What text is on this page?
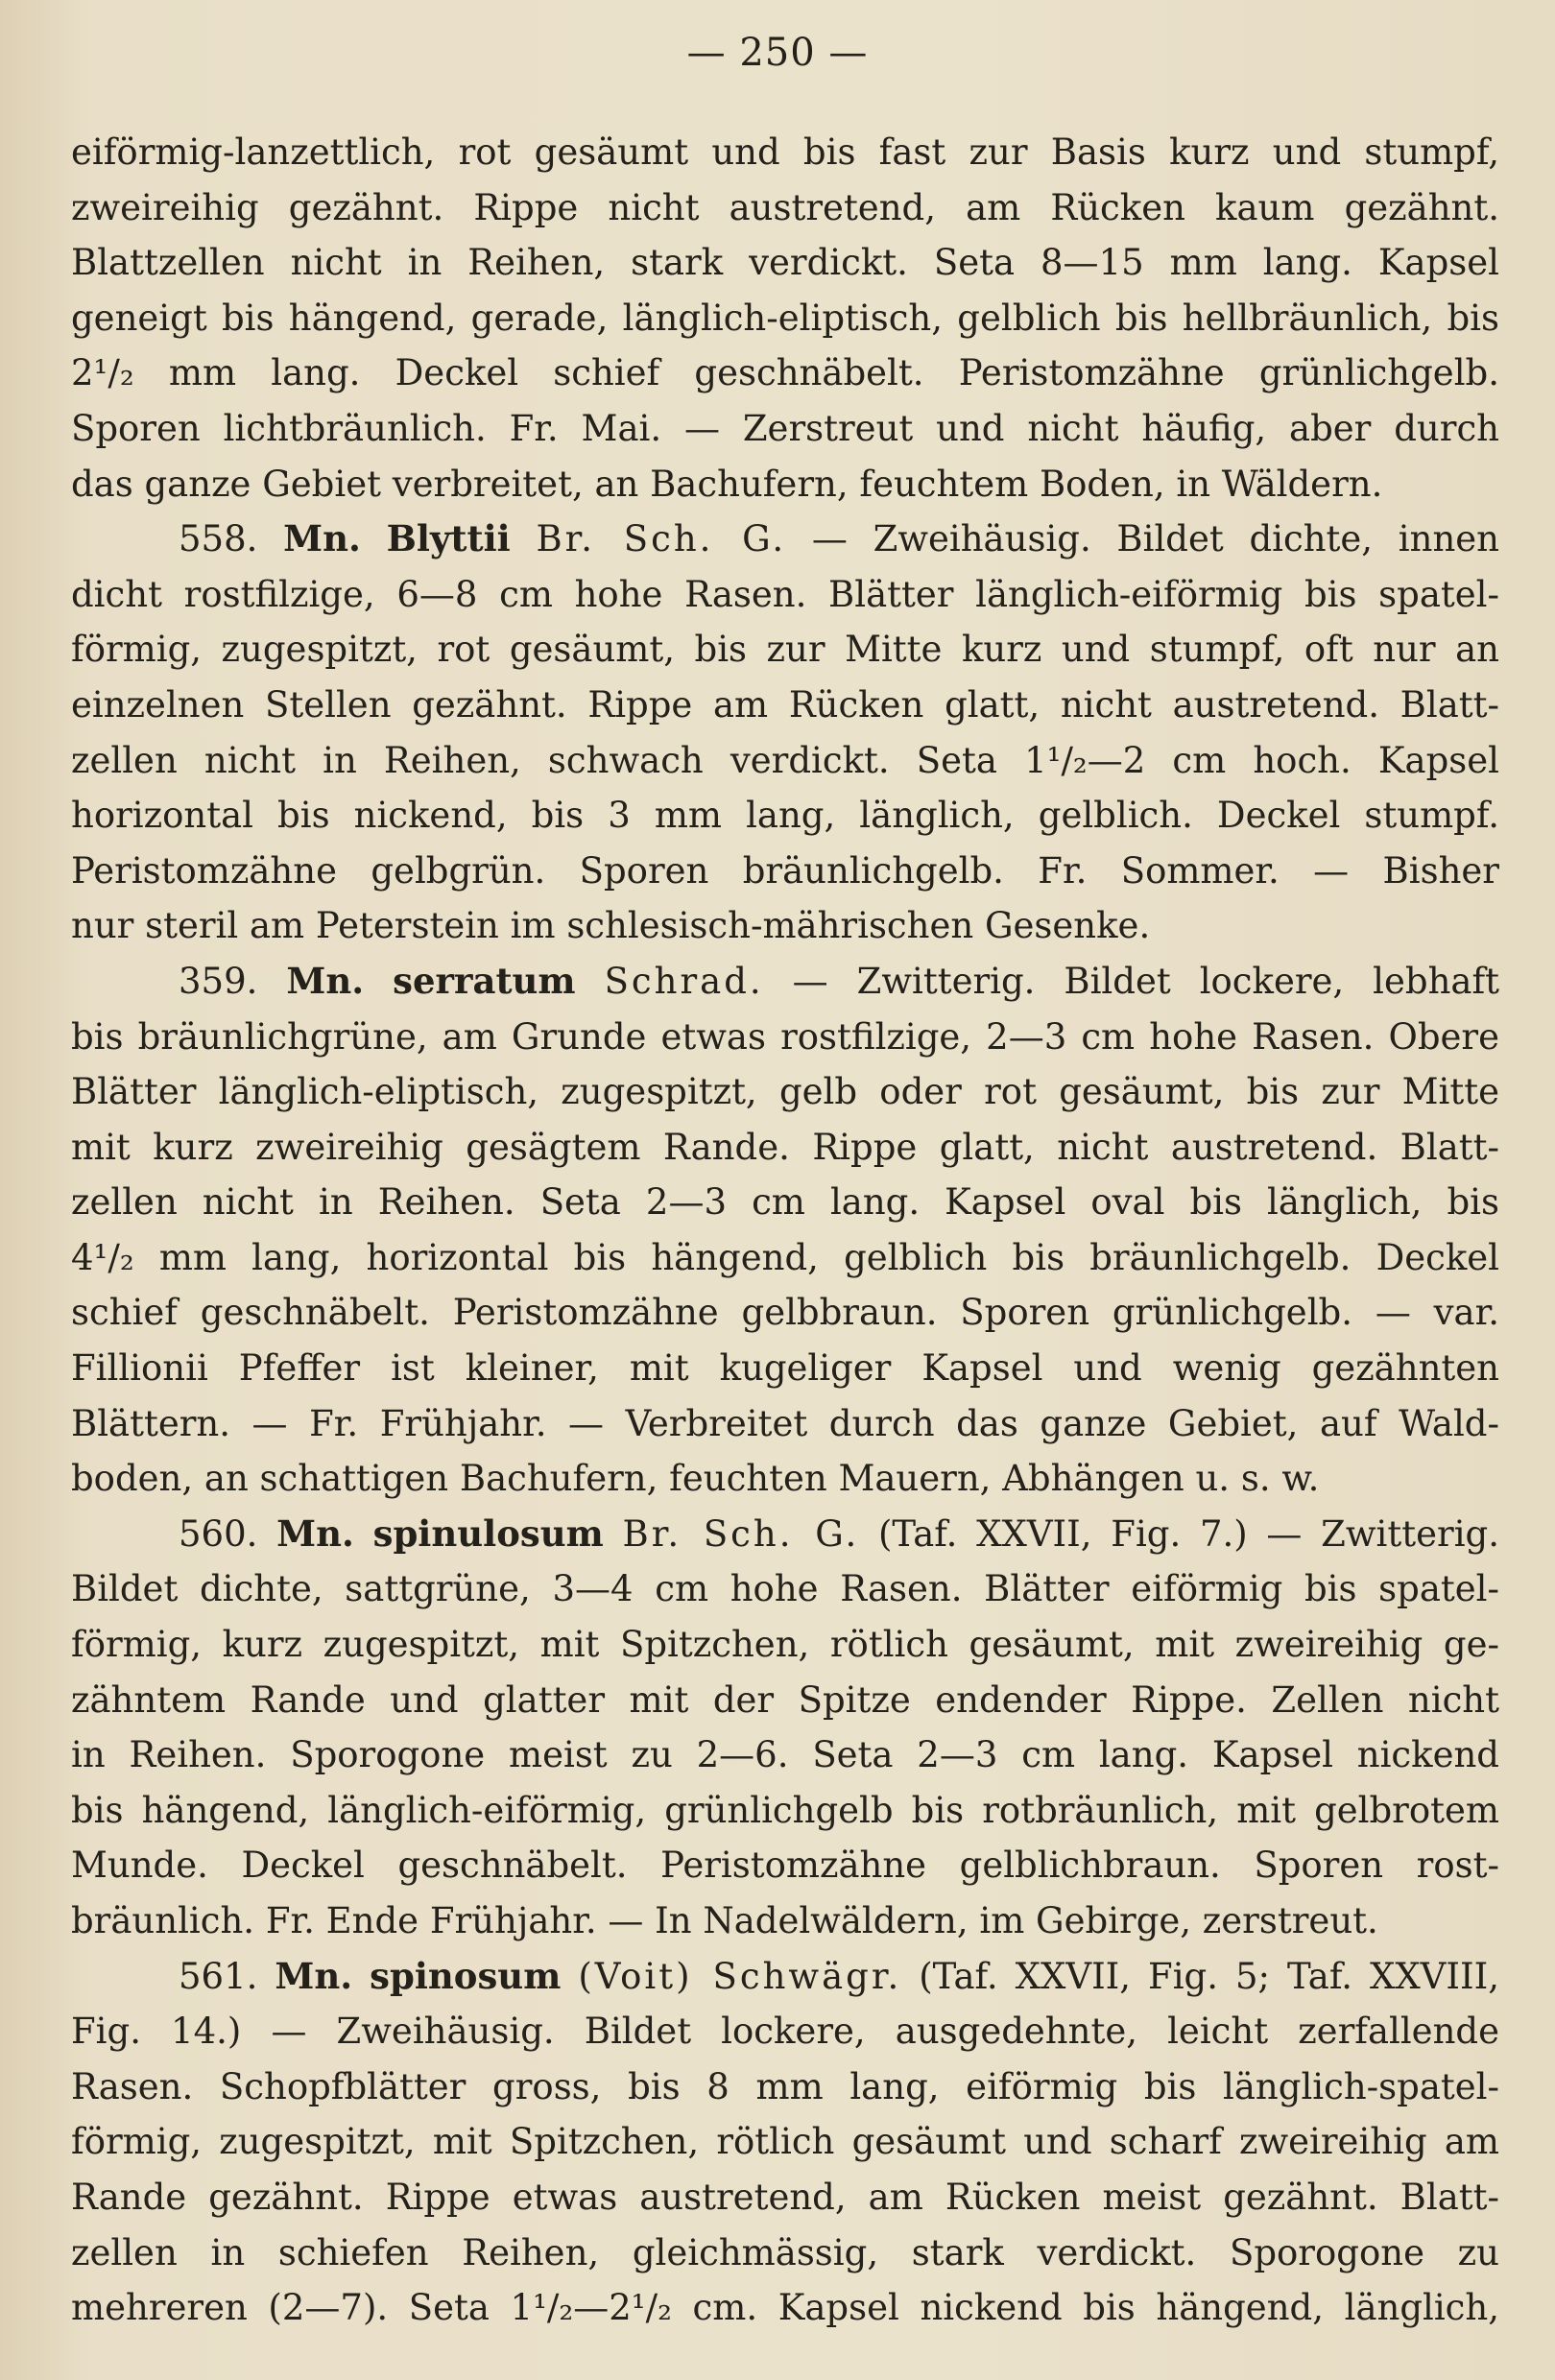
— 250 —
eiförmig-lanzettlich, rot gesäumt und bis fast zur Basis kurz und stumpf,
zweireihig gezähnt. Rippe nicht austretend, am Rücken kaum gezähnt.
Blattzellen nicht in Reihen, stark verdickt. Seta 8—15 mm lang. Kapsel
geneigt bis hängend, gerade, länglich-eliptisch, gelblich bis hellbräunlich, bis
2¹/₂ mm lang. Deckel schief geschnäbelt. Peristomzähne grünlichgelb.
Sporen lichtbräunlich. Fr. Mai. — Zerstreut und nicht häufig, aber durch
das ganze Gebiet verbreitet, an Bachufern, feuchtem Boden, in Wäldern.
558. Mn. Blyttii Br. Sch. G. — Zweihäusig. Bildet dichte, innen
dicht rostfilzige, 6—8 cm hohe Rasen. Blätter länglich-eiförmig bis spatel-
förmig, zugespitzt, rot gesäumt, bis zur Mitte kurz und stumpf, oft nur an
einzelnen Stellen gezähnt. Rippe am Rücken glatt, nicht austretend. Blatt-
zellen nicht in Reihen, schwach verdickt. Seta 1¹/₂—2 cm hoch. Kapsel
horizontal bis nickend, bis 3 mm lang, länglich, gelblich. Deckel stumpf.
Peristomzähne gelbgrün. Sporen bräunlichgelb. Fr. Sommer. — Bisher
nur steril am Peterstein im schlesisch-mährischen Gesenke.
359. Mn. serratum Schrad. — Zwitterig. Bildet lockere, lebhaft
bis bräunlichgrüne, am Grunde etwas rostfilzige, 2—3 cm hohe Rasen. Obere
Blätter länglich-eliptisch, zugespitzt, gelb oder rot gesäumt, bis zur Mitte
mit kurz zweireihig gesägtem Rande. Rippe glatt, nicht austretend. Blatt-
zellen nicht in Reihen. Seta 2—3 cm lang. Kapsel oval bis länglich, bis
4¹/₂ mm lang, horizontal bis hängend, gelblich bis bräunlichgelb. Deckel
schief geschnäbelt. Peristomzähne gelbbraun. Sporen grünlichgelb. — var.
Fillionii Pfeffer ist kleiner, mit kugeliger Kapsel und wenig gezähnten
Blättern. — Fr. Frühjahr. — Verbreitet durch das ganze Gebiet, auf Wald-
boden, an schattigen Bachufern, feuchten Mauern, Abhängen u. s. w.
560. Mn. spinulosum Br. Sch. G. (Taf. XXVII, Fig. 7.) — Zwitterig.
Bildet dichte, sattgrüne, 3—4 cm hohe Rasen. Blätter eiförmig bis spatel-
förmig, kurz zugespitzt, mit Spitzchen, rötlich gesäumt, mit zweireihig ge-
zähntem Rande und glatter mit der Spitze endender Rippe. Zellen nicht
in Reihen. Sporogone meist zu 2—6. Seta 2—3 cm lang. Kapsel nickend
bis hängend, länglich-eiförmig, grünlichgelb bis rotbräunlich, mit gelbrotem
Munde. Deckel geschnäbelt. Peristomzähne gelblichbraun. Sporen rost-
bräunlich. Fr. Ende Frühjahr. — In Nadelwäldern, im Gebirge, zerstreut.
561. Mn. spinosum (Voit) Schwägr. (Taf. XXVII, Fig. 5; Taf. XXVIII,
Fig. 14.) — Zweihäusig. Bildet lockere, ausgedehnte, leicht zerfallende
Rasen. Schopfblätter gross, bis 8 mm lang, eiförmig bis länglich-spatel-
förmig, zugespitzt, mit Spitzchen, rötlich gesäumt und scharf zweireihig am
Rande gezähnt. Rippe etwas austretend, am Rücken meist gezähnt. Blatt-
zellen in schiefen Reihen, gleichmässig, stark verdickt. Sporogone zu
mehreren (2—7). Seta 1¹/₂—2¹/₂ cm. Kapsel nickend bis hängend, länglich,
